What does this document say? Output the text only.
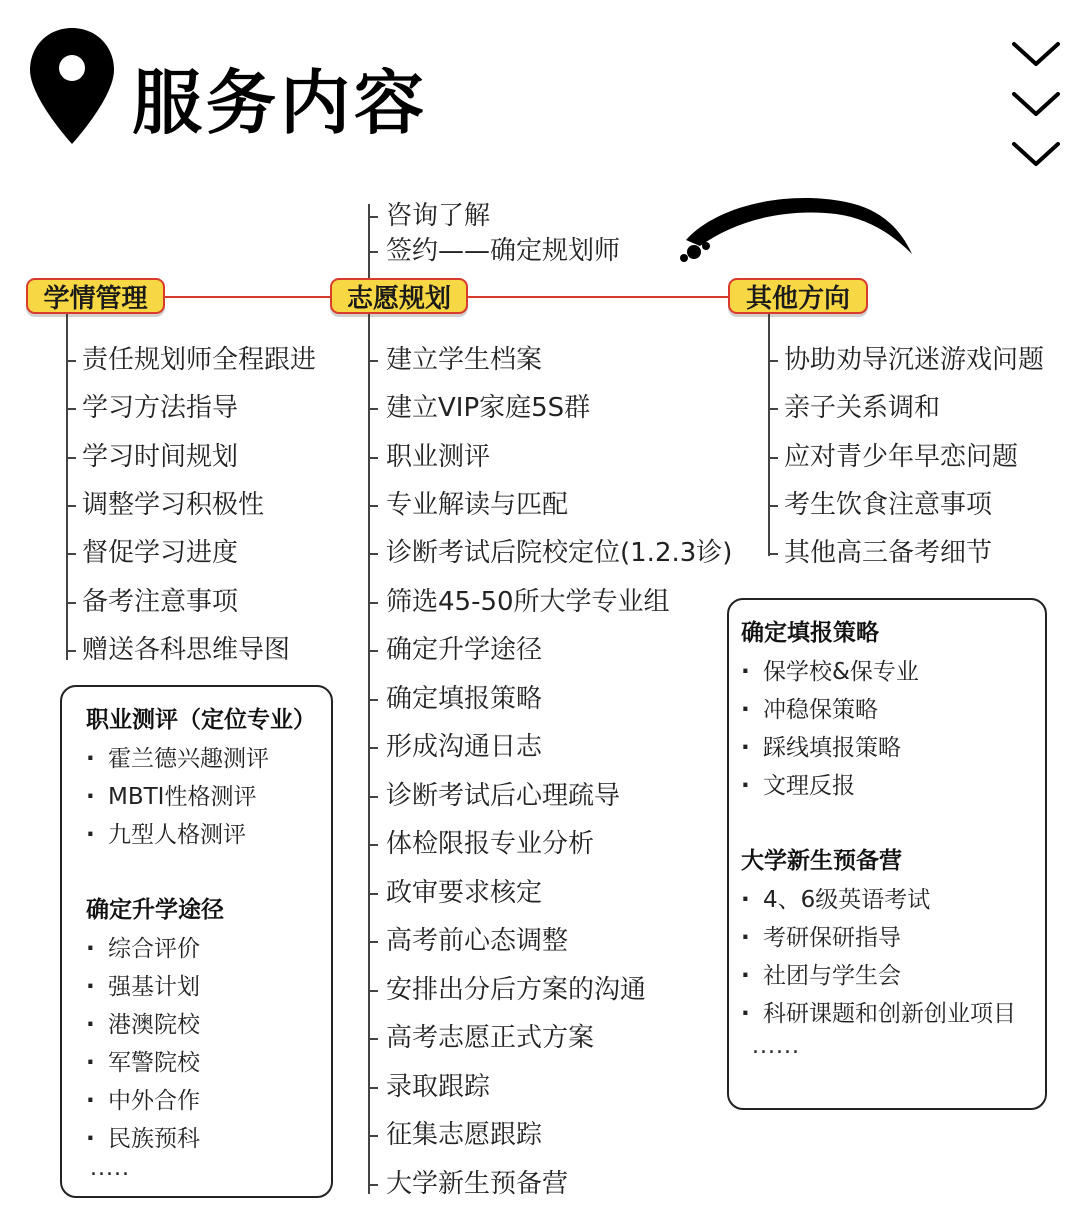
服务内容
学情管理	志愿规划	其他方向
咨询了解
签约——确定规划师
责任规划师全程跟进
学习方法指导
学习时间规划
调整学习积极性
督促学习进度
备考注意事项
赠送各科思维导图
建立学生档案
建立VIP家庭5S群
职业测评
专业解读与匹配
诊断考试后院校定位(1.2.3诊)
筛选45-50所大学专业组
确定升学途径
确定填报策略
形成沟通日志
诊断考试后心理疏导
体检限报专业分析
政审要求核定
高考前心态调整
安排出分后方案的沟通
高考志愿正式方案
录取跟踪
征集志愿跟踪
大学新生预备营
协助劝导沉迷游戏问题
亲子关系调和
应对青少年早恋问题
考生饮食注意事项
其他高三备考细节
职业测评（定位专业）
· 霍兰德兴趣测评
· MBTI性格测评
· 九型人格测评
确定升学途径
· 综合评价
· 强基计划
· 港澳院校
· 军警院校
· 中外合作
· 民族预科
.....
确定填报策略
· 保学校&保专业
· 冲稳保策略
· 踩线填报策略
· 文理反报
大学新生预备营
· 4、6级英语考试
· 考研保研指导
· 社团与学生会
· 科研课题和创新创业项目
......
